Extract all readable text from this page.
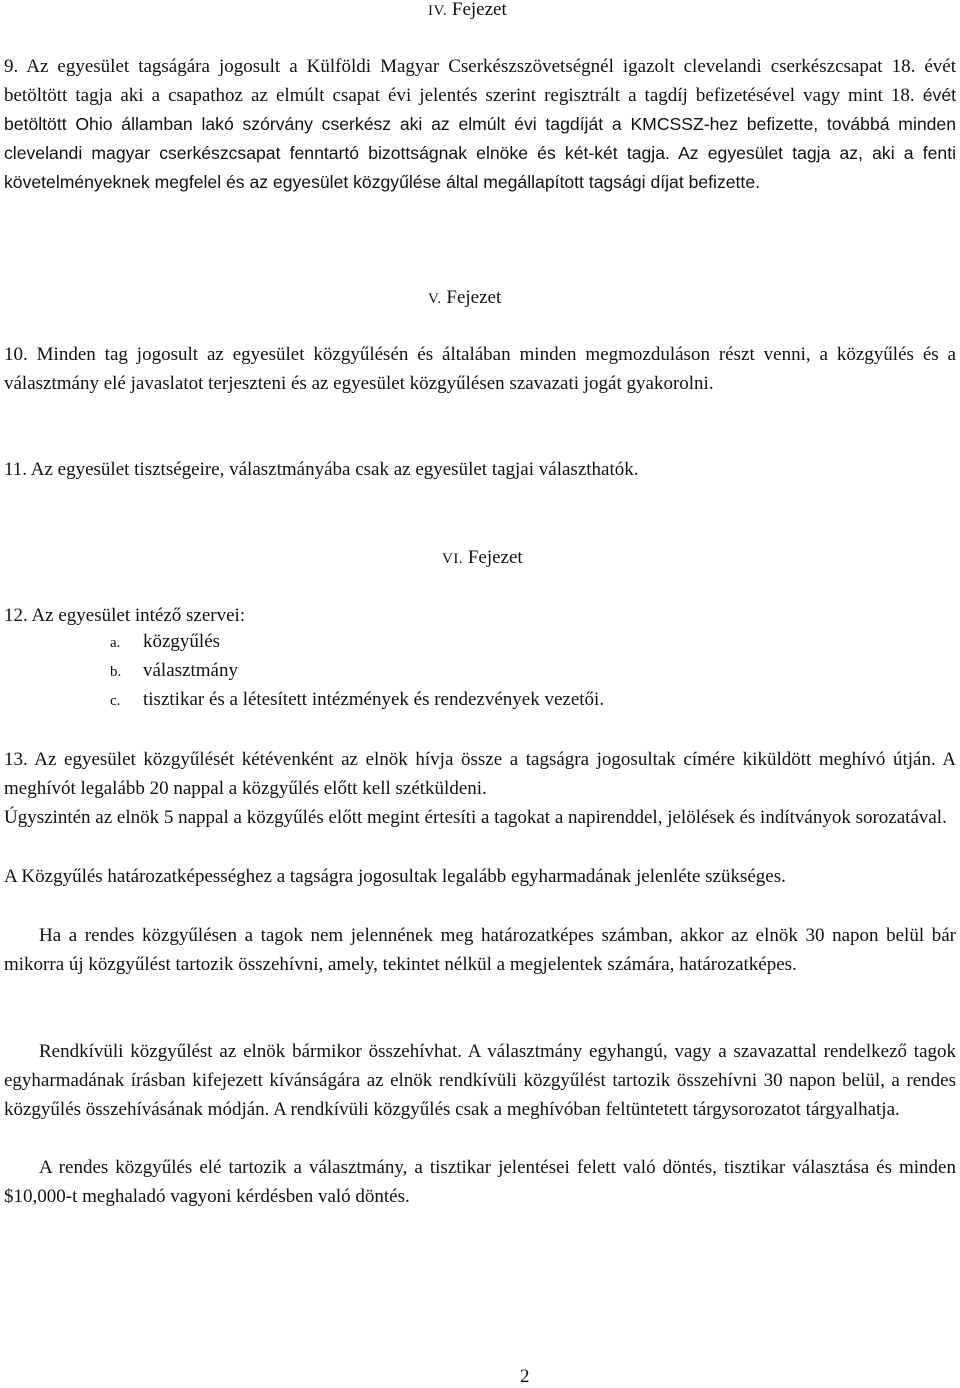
IV. Fejezet
9. Az egyesület tagságára jogosult a Külföldi Magyar Cserkészszövetségnél igazolt clevelandi cserkészcsapat 18. évét betöltött tagja aki a csapathoz az elmúlt csapat évi jelentés szerint regisztrált a tagdíj befizetésével vagy mint 18. évét betöltött Ohio államban lakó szórvány cserkész aki az elmúlt évi tagdíját a KMCSSZ-hez befizette, továbbá minden clevelandi magyar cserkészcsapat fenntartó bizottságnak elnöke és két-két tagja. Az egyesület tagja az, aki a fenti követelményeknek megfelel és az egyesület közgyűlése által megállapított tagsági díjat befizette.
V. Fejezet
10. Minden tag jogosult az egyesület közgyűlésén és általában minden megmozduláson részt venni, a közgyűlés és a választmány elé javaslatot terjeszteni és az egyesület közgyűlésen szavazati jogát gyakorolni.
11. Az egyesület tisztségeire, választmányába csak az egyesület tagjai választhatók.
VI. Fejezet
12. Az egyesület intéző szervei:
a. közgyűlés
b. választmány
c. tisztikar és a létesített intézmények és rendezvények vezetői.
13. Az egyesület közgyűlését kétévenként az elnök hívja össze a tagságra jogosultak címére kiküldött meghívó útján. A meghívót legalább 20 nappal a közgyűlés előtt kell szétküldeni.
Úgyszintén az elnök 5 nappal a közgyűlés előtt megint értesíti a tagokat a napirenddel, jelölések és indítványok sorozatával.
A Közgyűlés határozatképességhez a tagságra jogosultak legalább egyharmadának jelenléte szükséges.
Ha a rendes közgyűlésen a tagok nem jelennének meg határozatképes számban, akkor az elnök 30 napon belül bár mikorra új közgyűlést tartozik összehívni, amely, tekintet nélkül a megjelentek számára, határozatképes.
Rendkívüli közgyűlést az elnök bármikor összehívhat. A választmány egyhangú, vagy a szavazattal rendelkező tagok egyharmadának írásban kifejezett kívánságára az elnök rendkívüli közgyűlést tartozik összehívni 30 napon belül, a rendes közgyűlés összehívásának módján. A rendkívüli közgyűlés csak a meghívóban feltüntetett tárgysorozatot tárgyalhatja.
A rendes közgyűlés elé tartozik a választmány, a tisztikar jelentései felett való döntés, tisztikar választása és minden $10,000-t meghaladó vagyoni kérdésben való döntés.
2
